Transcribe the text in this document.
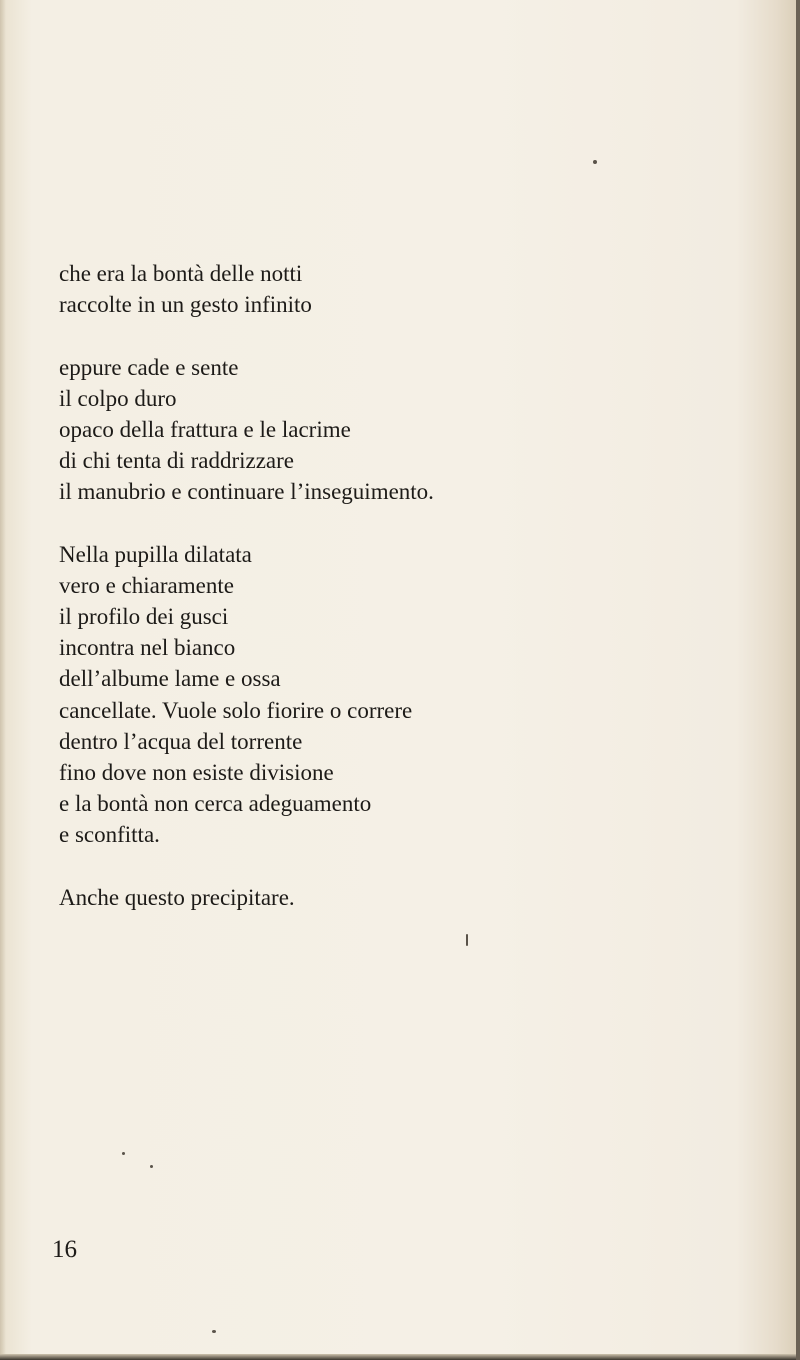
che era la bontà delle notti
raccolte in un gesto infinito
eppure cade e sente
il colpo duro
opaco della frattura e le lacrime
di chi tenta di raddrizzare
il manubrio e continuare l’inseguimento.
Nella pupilla dilatata
vero e chiaramente
il profilo dei gusci
incontra nel bianco
dell’albume lame e ossa
cancellate. Vuole solo fiorire o correre
dentro l’acqua del torrente
fino dove non esiste divisione
e la bontà non cerca adeguamento
e sconfitta.
Anche questo precipitare.
16
